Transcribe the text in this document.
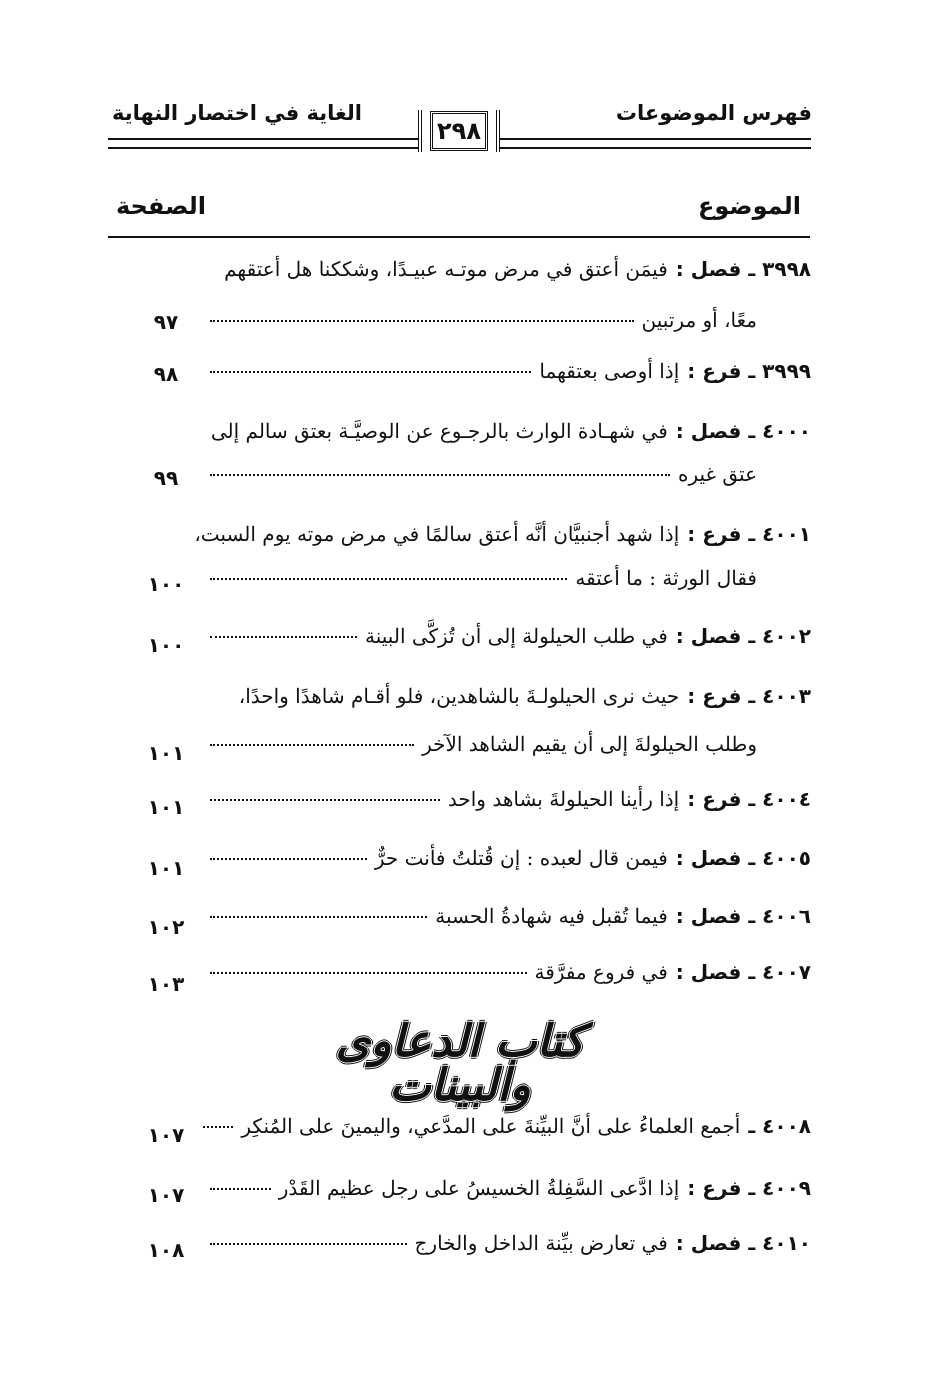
الغاية في اختصار النهاية	فهرس الموضوعات
٢٩٨
الصفحة	الموضوع
٣٩٩٨ ـ فصل :
فيمَن أعتق في مرض موتـه عبيـدًا، وشككنا هل أعتقهم
معًا، أو مرتبين
٩٧
٣٩٩٩ ـ فرع :
إذا أوصى بعتقهما
٩٨
٤٠٠٠ ـ فصل :
في شهـادة الوارث بالرجـوع عن الوصيَّـة بعتق سالم إلى
عتق غيره
٩٩
٤٠٠١ ـ فرع :
إذا شهد أجنبيَّان أنَّه أعتق سالمًا في مرض موته يوم السبت،
فقال الورثة : ما أعتقه
١٠٠
٤٠٠٢ ـ فصل :
في طلب الحيلولة إلى أن تُزكَّى البينة
١٠٠
٤٠٠٣ ـ فرع :
حيث نرى الحيلولـةَ بالشاهدين، فلو أقـام شاهدًا واحدًا،
وطلب الحيلولةَ إلى أن يقيم الشاهد الآخر
١٠١
٤٠٠٤ ـ فرع :
إذا رأينا الحيلولةَ بشاهد واحد
١٠١
٤٠٠٥ ـ فصل :
فيمن قال لعبده : إن قُتلتُ فأنت حرٌّ
١٠١
٤٠٠٦ ـ فصل :
فيما تُقبل فيه شهادةُ الحسبة
١٠٢
٤٠٠٧ ـ فصل :
في فروع مفرَّقة
١٠٣
كتاب الدعاوى والبينات
٤٠٠٨ ـ
أجمع العلماءُ على أنَّ البيِّنةَ على المدَّعي، واليمينَ على المُنكِر
١٠٧
٤٠٠٩ ـ فرع :
إذا ادَّعى السَّفِلةُ الخسيسُ على رجل عظيم القَدْر
١٠٧
٤٠١٠ ـ فصل :
في تعارض بيِّنة الداخل والخارج
١٠٨
